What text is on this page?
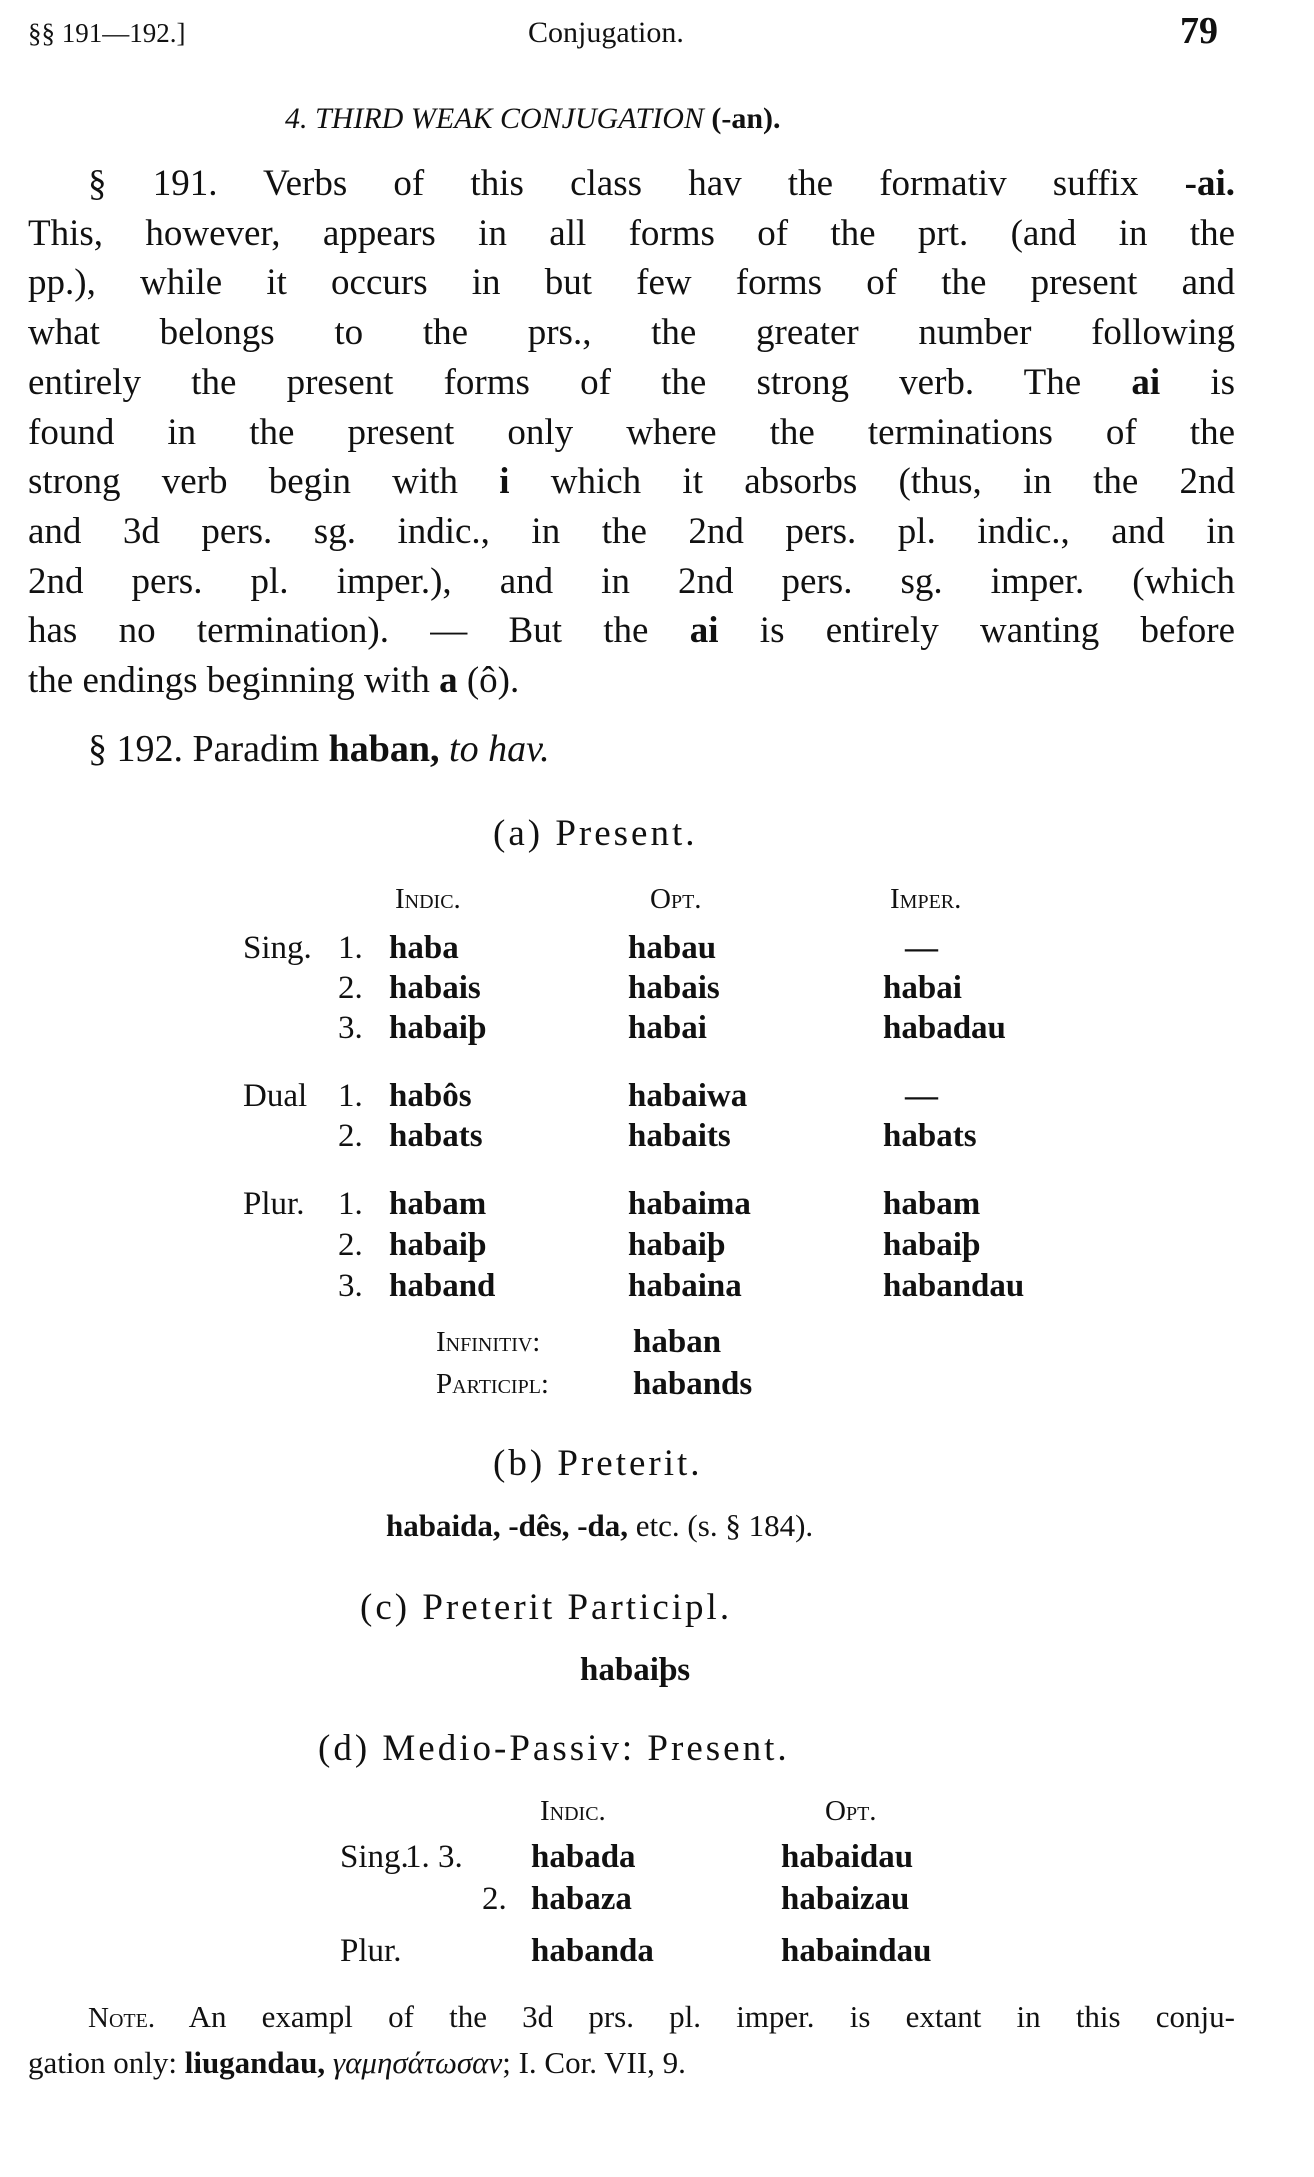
§§ 191—192.]	Conjugation.	79
4. THIRD WEAK CONJUGATION (-an).
§ 191. Verbs of this class hav the formativ suffix -ai.
This, however, appears in all forms of the prt. (and in the
pp.), while it occurs in but few forms of the present and
what belongs to the prs., the greater number following
entirely the present forms of the strong verb. The ai is
found in the present only where the terminations of the
strong verb begin with i which it absorbs (thus, in the 2nd
and 3d pers. sg. indic., in the 2nd pers. pl. indic., and in
2nd pers. pl. imper.), and in 2nd pers. sg. imper. (which
has no termination). — But the ai is entirely wanting before
the endings beginning with a (ô).
§ 192. Paradim haban, to hav.
(a) Present.
Indic.	Opt.	Imper.
Sing. 1. haba	habau	—
2. habais	habais	habai
3. habaiþ	habai	habadau
Dual 1. habôs	habaiwa	—
2. habats	habaits	habats
Plur. 1. habam	habaima	habam
2. habaiþ	habaiþ	habaiþ
3. haband	habaina	habandau
Infinitiv:	haban
Participl:	habands
(b) Preterit.
habaida, -dês, -da, etc. (s. § 184).
(c) Preterit Participl.
habaiþs
(d) Medio-Passiv: Present.
Indic.	Opt.
Sing.
1. 3. habada	habaidau
2. habaza	habaizau
Plur.	habanda	habaindau
Note. An exampl of the 3d prs. pl. imper. is extant in this conju-
gation only: liugandau, γαμησάτωσαν; I. Cor. VII, 9.
